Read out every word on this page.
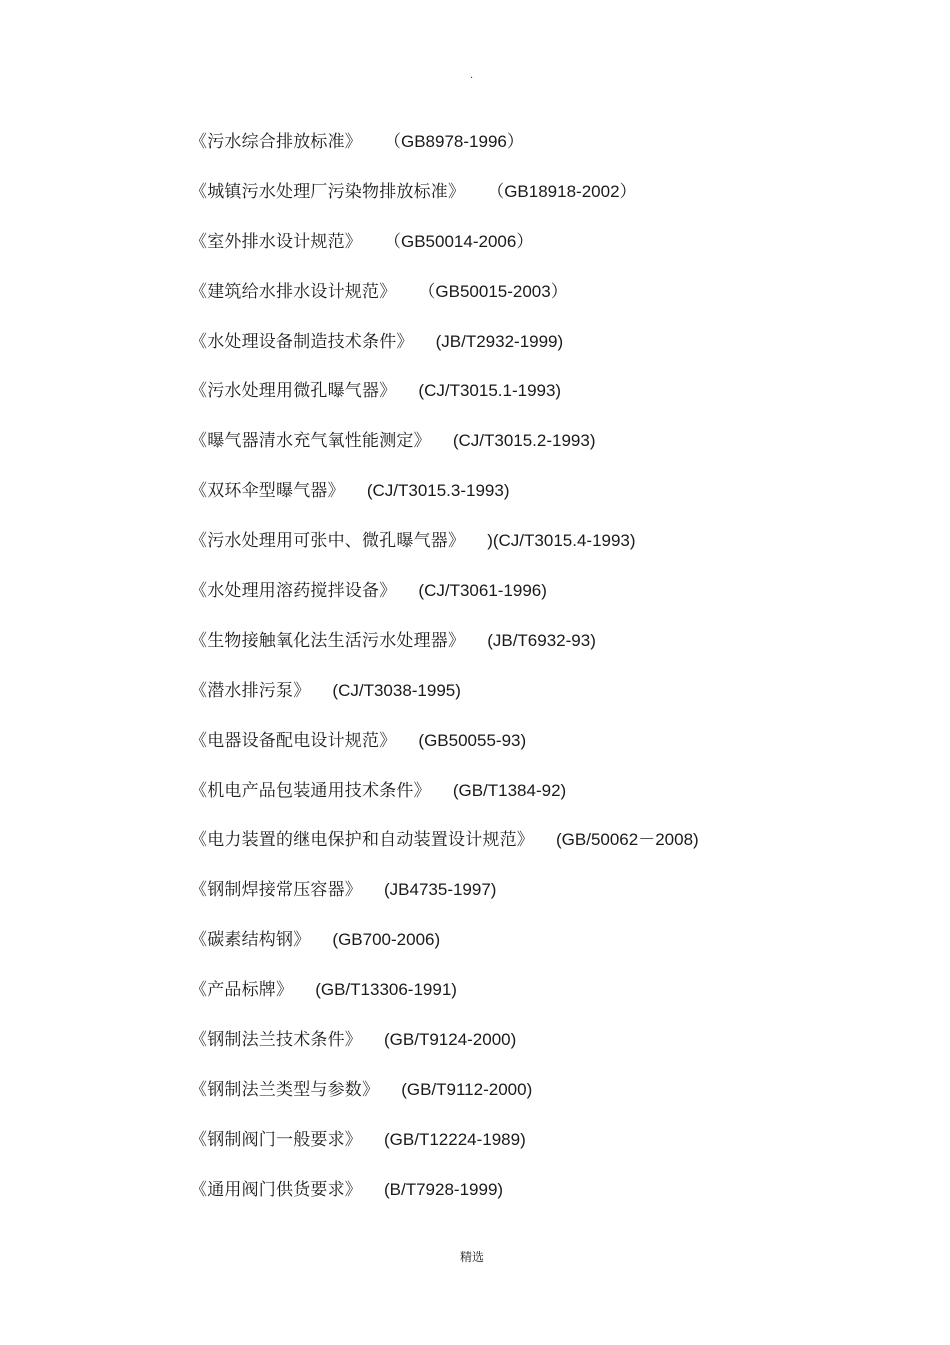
.
《污水综合排放标准》 （GB8978-1996）
《城镇污水处理厂污染物排放标准》 （GB18918-2002）
《室外排水设计规范》 （GB50014-2006）
《建筑给水排水设计规范》 （GB50015-2003）
《水处理设备制造技术条件》 (JB/T2932-1999)
《污水处理用微孔曝气器》 (CJ/T3015.1-1993)
《曝气器清水充气氧性能测定》 (CJ/T3015.2-1993)
《双环伞型曝气器》 (CJ/T3015.3-1993)
《污水处理用可张中、微孔曝气器》 )(CJ/T3015.4-1993)
《水处理用溶药搅拌设备》 (CJ/T3061-1996)
《生物接触氧化法生活污水处理器》 (JB/T6932-93)
《潜水排污泵》 (CJ/T3038-1995)
《电器设备配电设计规范》 (GB50055-93)
《机电产品包装通用技术条件》 (GB/T1384-92)
《电力装置的继电保护和自动装置设计规范》 (GB/50062－2008)
《钢制焊接常压容器》 (JB4735-1997)
《碳素结构钢》 (GB700-2006)
《产品标牌》 (GB/T13306-1991)
《钢制法兰技术条件》 (GB/T9124-2000)
《钢制法兰类型与参数》 (GB/T9112-2000)
《钢制阀门一般要求》 (GB/T12224-1989)
《通用阀门供货要求》 (B/T7928-1999)
精选
